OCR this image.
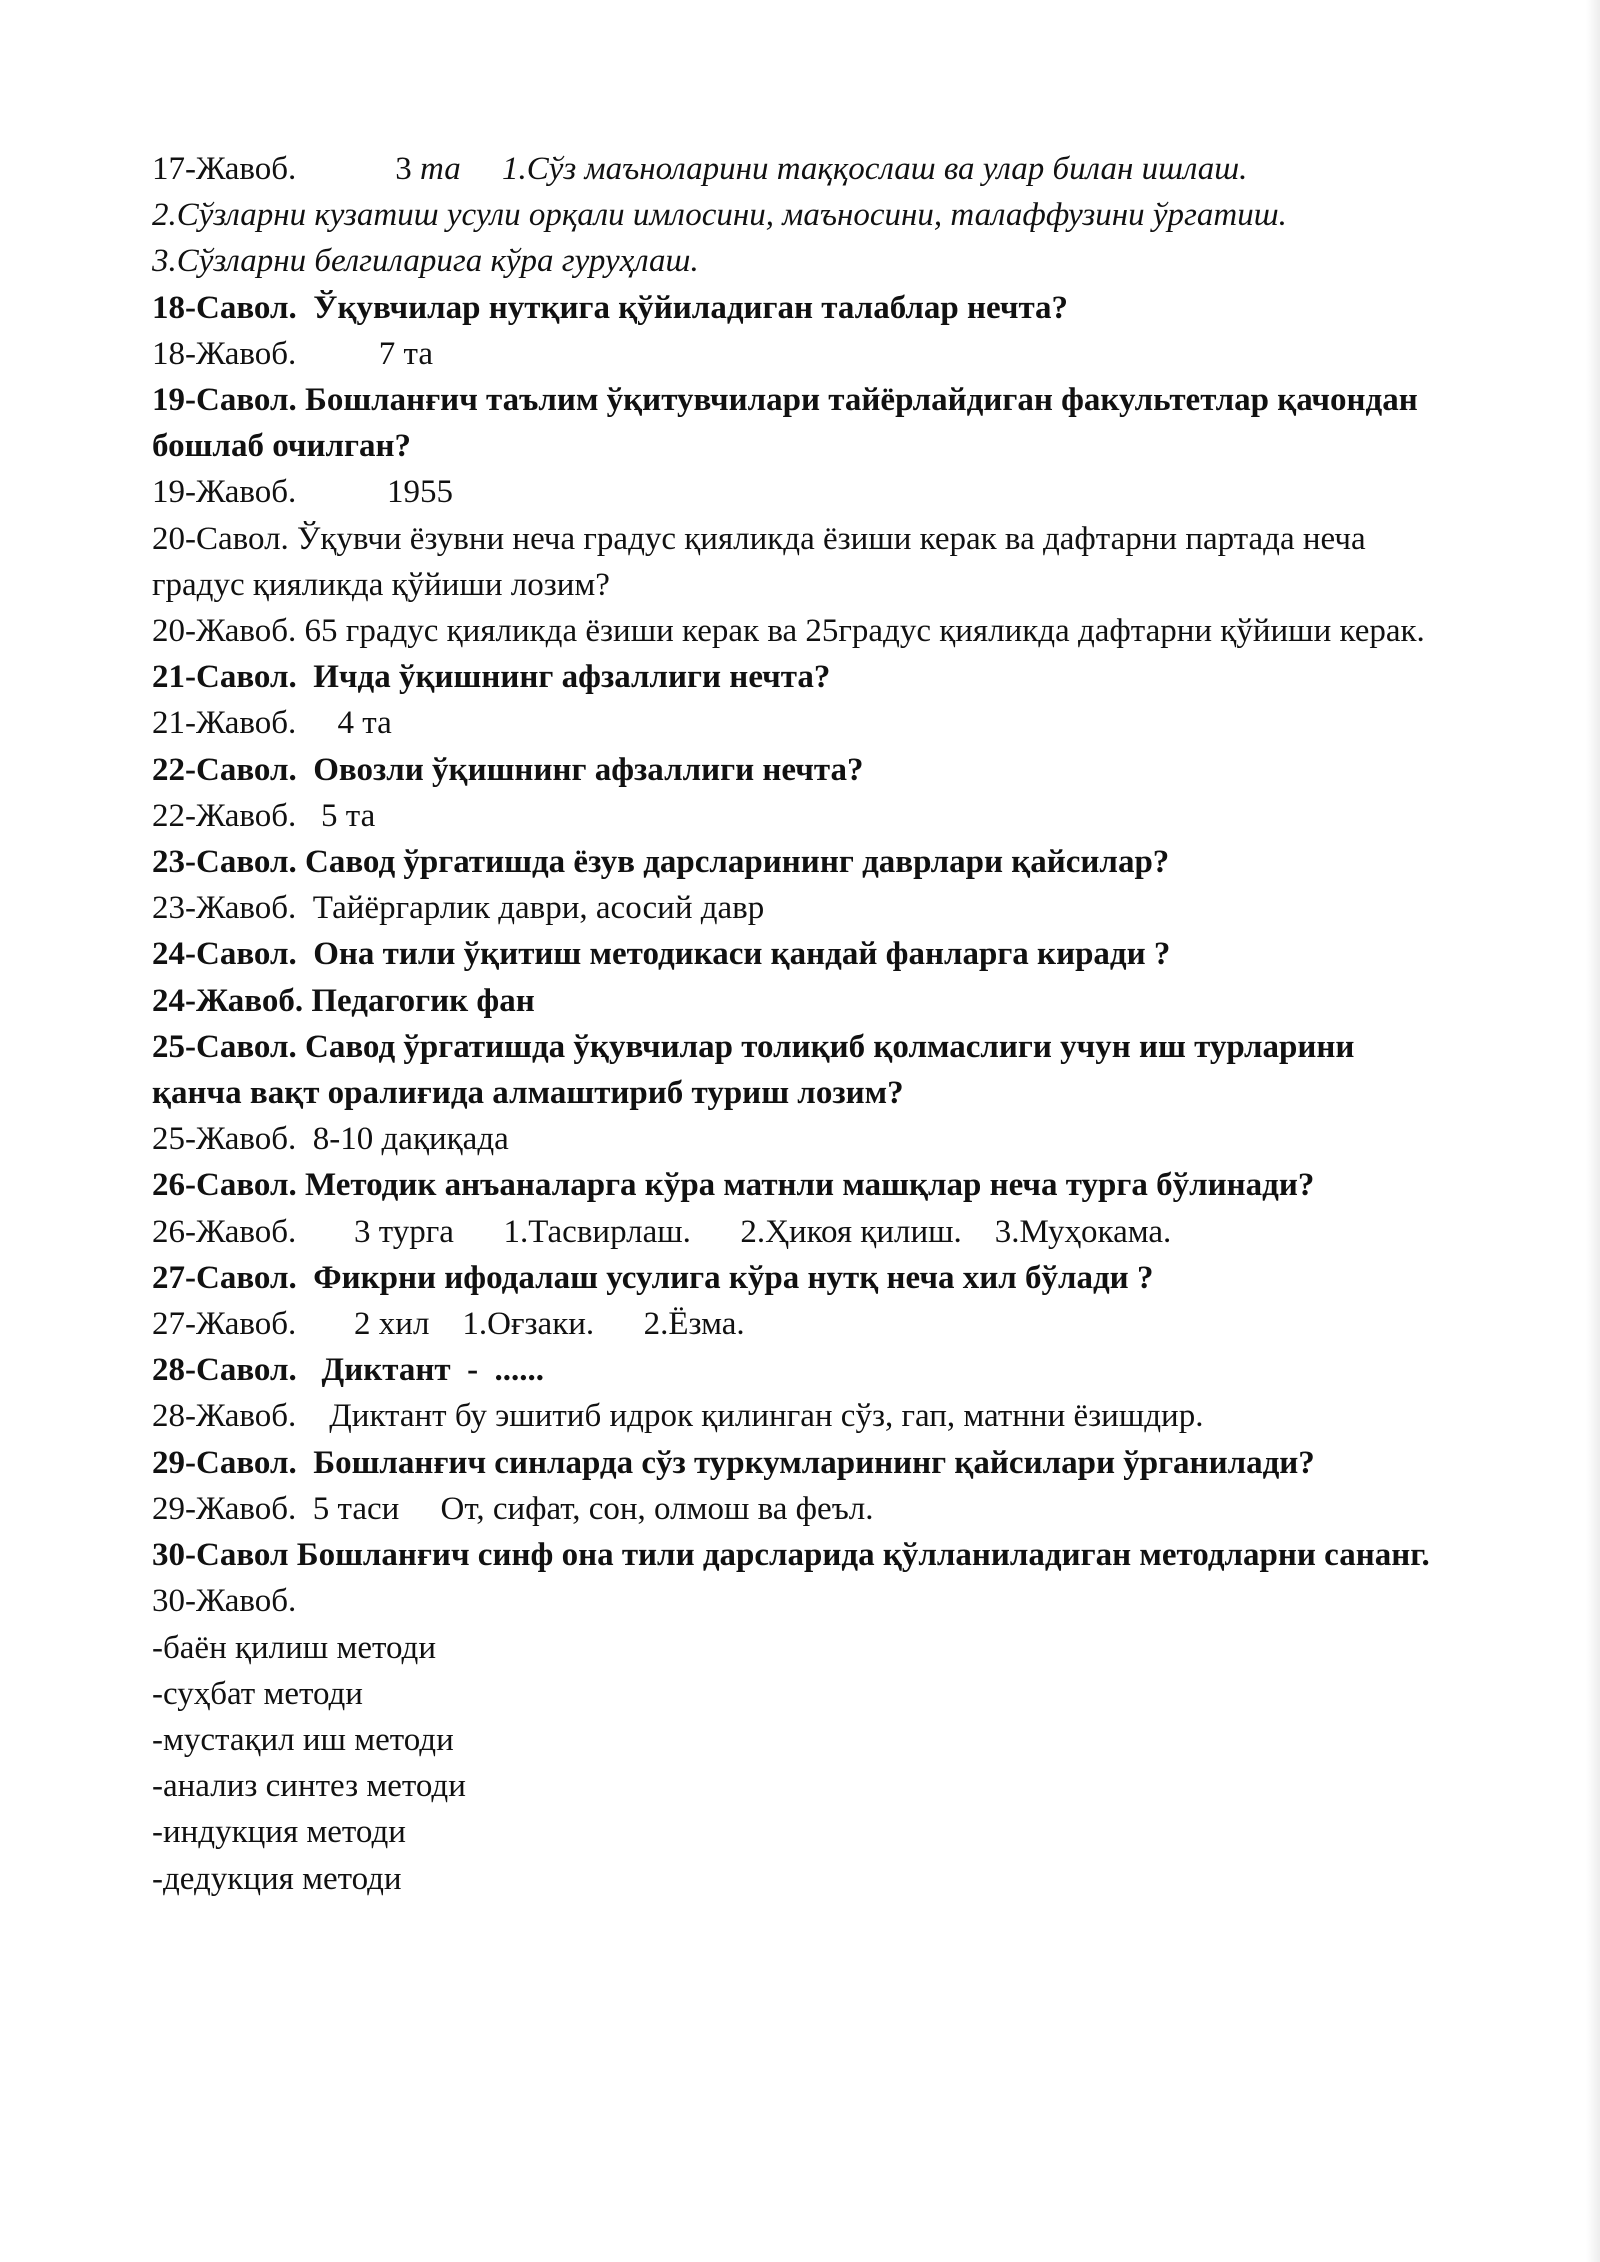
17-Жавоб.            3 та     1.Сўз маъноларини таққослаш ва улар билан ишлаш.
2.Сўзларни кузатиш усули орқали имлосини, маъносини, талаффузини ўргатиш.
3.Сўзларни белгиларига кўра гуруҳлаш.
18-Савол.  Ўқувчилар нутқига қўйиладиган талаблар нечта?
18-Жавоб.          7 та
19-Савол. Бошланғич таълим ўқитувчилари тайёрлайдиган факультетлар қачондан бошлаб очилган?
19-Жавоб.           1955
20-Савол. Ўқувчи ёзувни неча градус қияликда ёзиши керак ва дафтарни партада неча градус қияликда қўйиши лозим?
20-Жавоб. 65 градус қияликда ёзиши керак ва 25градус қияликда дафтарни қўйиши керак.
21-Савол.  Ичда ўқишнинг афзаллиги нечта?
21-Жавоб.     4 та
22-Савол.  Овозли ўқишнинг афзаллиги нечта?
22-Жавоб.   5 та
23-Савол. Савод ўргатишда ёзув дарсларининг даврлари қайсилар?
23-Жавоб.  Тайёргарлик даври, асосий давр
24-Савол.  Она тили ўқитиш методикаси қандай фанларга киради ?
24-Жавоб. Педагогик фан
25-Савол. Савод ўргатишда ўқувчилар толиқиб қолмаслиги учун иш турларини қанча вақт оралиғида алмаштириб туриш лозим?
25-Жавоб.  8-10 дақиқада
26-Савол. Методик анъаналарга кўра матнли машқлар неча турга бўлинади?
26-Жавоб.       3 турга      1.Тасвирлаш.      2.Ҳикоя қилиш.    3.Муҳокама.
27-Савол.  Фикрни ифодалаш усулига кўра нутқ неча хил бўлади ?
27-Жавоб.       2 хил    1.Оғзаки.      2.Ёзма.
28-Савол.   Диктант  -  ......
28-Жавоб.    Диктант бу эшитиб идрок қилинган сўз, гап, матнни ёзишдир.
29-Савол.  Бошланғич синларда сўз туркумларининг қайсилари ўрганилади?
29-Жавоб.  5 таси     От, сифат, сон, олмош ва феъл.
30-Савол Бошланғич синф она тили дарсларида қўлланиладиган методларни сананг.
30-Жавоб.
-баён қилиш методи
-суҳбат методи
-мустақил иш методи
-анализ синтез методи
-индукция методи
-дедукция методи
